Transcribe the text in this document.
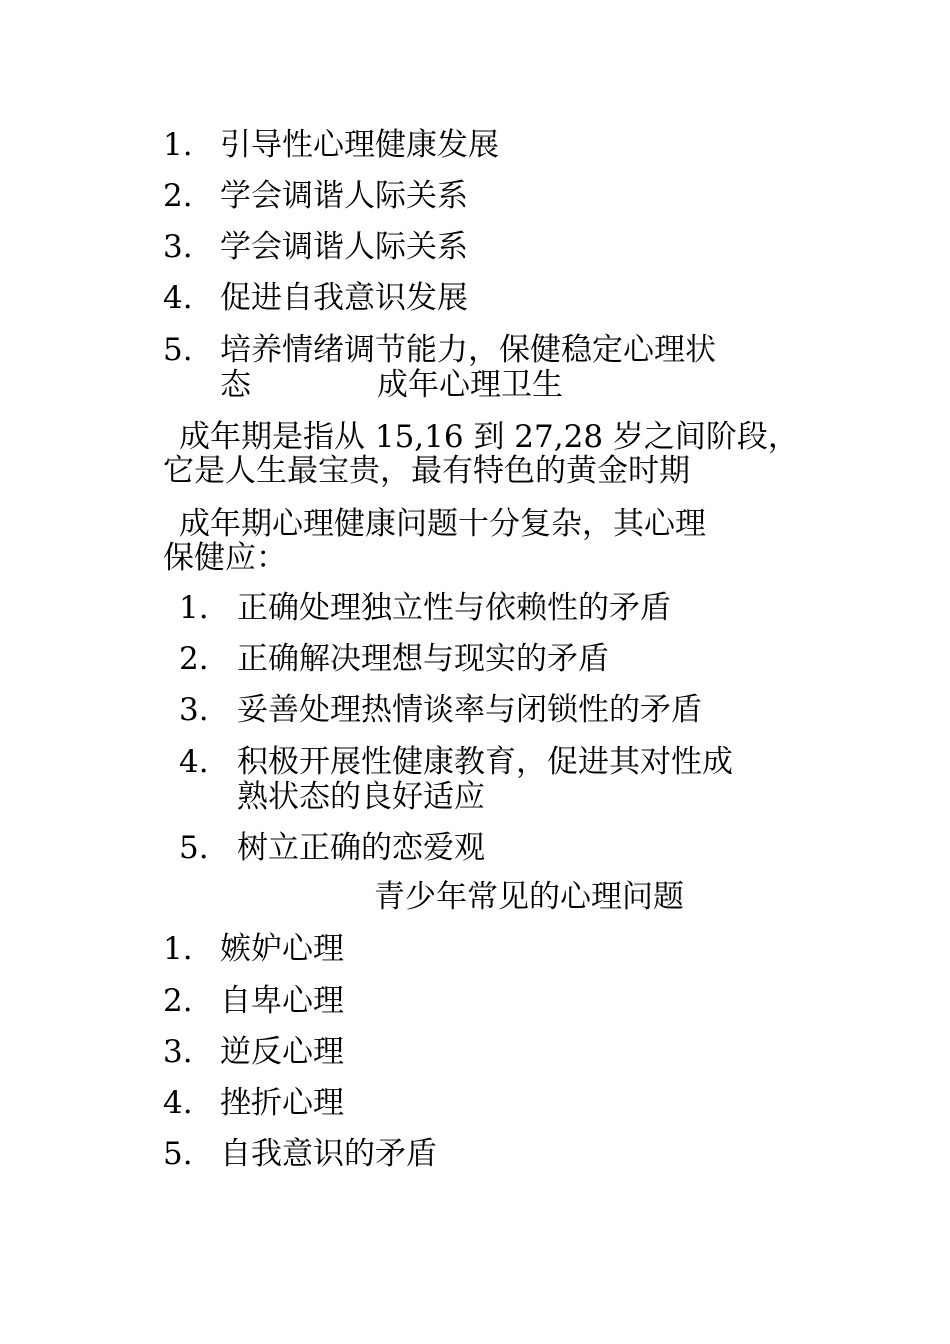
1. 引导性心理健康发展
2. 学会调谐人际关系
3. 学会调谐人际关系
4. 促进自我意识发展
5. 培养情绪调节能力，保健稳定心理状
态	成年心理卫生
成年期是指从 15,16 到 27,28 岁之间阶段，
它是人生最宝贵，最有特色的黄金时期
成年期心理健康问题十分复杂，其心理
保健应：
1. 正确处理独立性与依赖性的矛盾
2. 正确解决理想与现实的矛盾
3. 妥善处理热情谈率与闭锁性的矛盾
4. 积极开展性健康教育，促进其对性成
熟状态的良好适应
5. 树立正确的恋爱观
青少年常见的心理问题
1. 嫉妒心理
2. 自卑心理
3. 逆反心理
4. 挫折心理
5. 自我意识的矛盾
